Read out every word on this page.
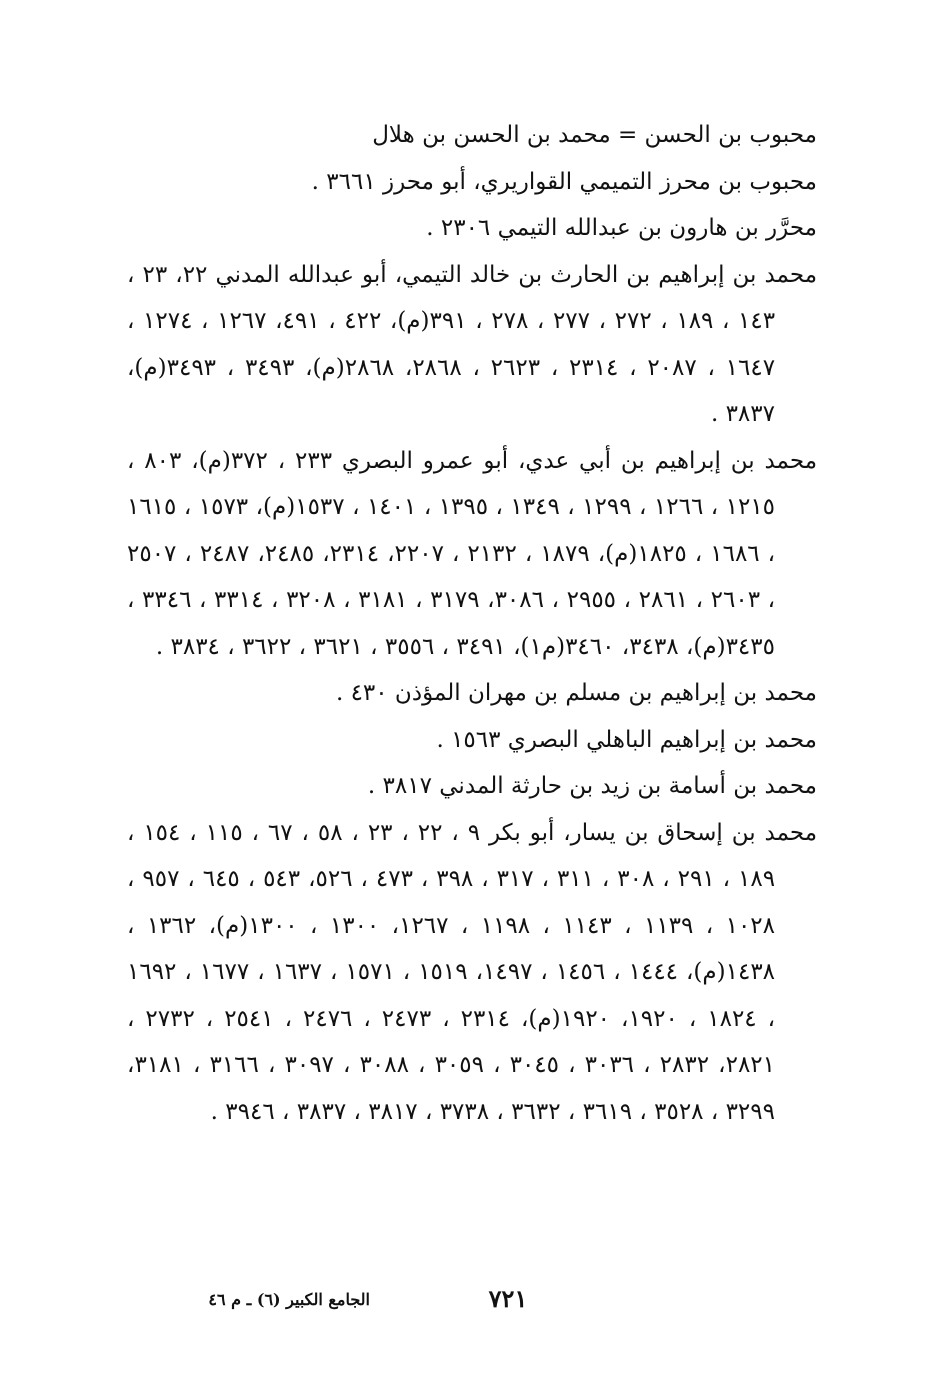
محبوب بن الحسن = محمد بن الحسن بن هلال

محبوب بن محرز التميمي القواريري، أبو محرز ٣٦٦١ .

محرَّر بن هارون بن عبدالله التيمي ٢٣٠٦ .

محمد بن إبراهيم بن الحارث بن خالد التيمي، أبو عبدالله المدني ٢٢، ٢٣ ، ١٤٣ ، ١٨٩ ، ٢٧٢ ، ٢٧٧ ، ٢٧٨ ، ٣٩١(م)، ٤٢٢ ، ٤٩١، ١٢٦٧ ، ١٢٧٤ ، ١٦٤٧ ، ٢٠٨٧ ، ٢٣١٤ ، ٢٦٢٣ ، ٢٨٦٨، ٢٨٦٨(م)، ٣٤٩٣ ، ٣٤٩٣(م)، ٣٨٣٧ .

محمد بن إبراهيم بن أبي عدي، أبو عمرو البصري ٢٣٣ ، ٣٧٢(م)، ٨٠٣ ، ١٢١٥ ، ١٢٦٦ ، ١٢٩٩ ، ١٣٤٩ ، ١٣٩٥ ، ١٤٠١ ، ١٥٣٧(م)، ١٥٧٣ ، ١٦١٥ ، ١٦٨٦ ، ١٨٢٥(م)، ١٨٧٩ ، ٢١٣٢ ، ٢٢٠٧، ٢٣١٤، ٢٤٨٥، ٢٤٨٧ ، ٢٥٠٧ ، ٢٦٠٣ ، ٢٨٦١ ، ٢٩٥٥ ، ٣٠٨٦، ٣١٧٩ ، ٣١٨١ ، ٣٢٠٨ ، ٣٣١٤ ، ٣٣٤٦ ، ٣٤٣٥(م)، ٣٤٣٨، ٣٤٦٠(م١)، ٣٤٩١ ، ٣٥٥٦ ، ٣٦٢١ ، ٣٦٢٢ ، ٣٨٣٤ .

محمد بن إبراهيم بن مسلم بن مهران المؤذن ٤٣٠ .

محمد بن إبراهيم الباهلي البصري ١٥٦٣ .

محمد بن أسامة بن زيد بن حارثة المدني ٣٨١٧ .

محمد بن إسحاق بن يسار، أبو بكر ٩ ، ٢٢ ، ٢٣ ، ٥٨ ، ٦٧ ، ١١٥ ، ١٥٤ ، ١٨٩ ، ٢٩١ ، ٣٠٨ ، ٣١١ ، ٣١٧ ، ٣٩٨ ، ٤٧٣ ، ٥٢٦، ٥٤٣ ، ٦٤٥ ، ٩٥٧ ، ١٠٢٨ ، ١١٣٩ ، ١١٤٣ ، ١١٩٨ ، ١٢٦٧، ١٣٠٠ ، ١٣٠٠(م)، ١٣٦٢ ، ١٤٣٨(م)، ١٤٤٤ ، ١٤٥٦ ، ١٤٩٧، ١٥١٩ ، ١٥٧١ ، ١٦٣٧ ، ١٦٧٧ ، ١٦٩٢ ، ١٨٢٤ ، ١٩٢٠، ١٩٢٠(م)، ٢٣١٤ ، ٢٤٧٣ ، ٢٤٧٦ ، ٢٥٤١ ، ٢٧٣٢ ، ٢٨٢١، ٢٨٣٢ ، ٣٠٣٦ ، ٣٠٤٥ ، ٣٠٥٩ ، ٣٠٨٨ ، ٣٠٩٧ ، ٣١٦٦ ، ٣١٨١، ٣٢٩٩ ، ٣٥٢٨ ، ٣٦١٩ ، ٣٦٣٢ ، ٣٧٣٨ ، ٣٨١٧ ، ٣٨٣٧ ، ٣٩٤٦ .

٧٢١
الجامع الكبير (٦) ـ م ٤٦
